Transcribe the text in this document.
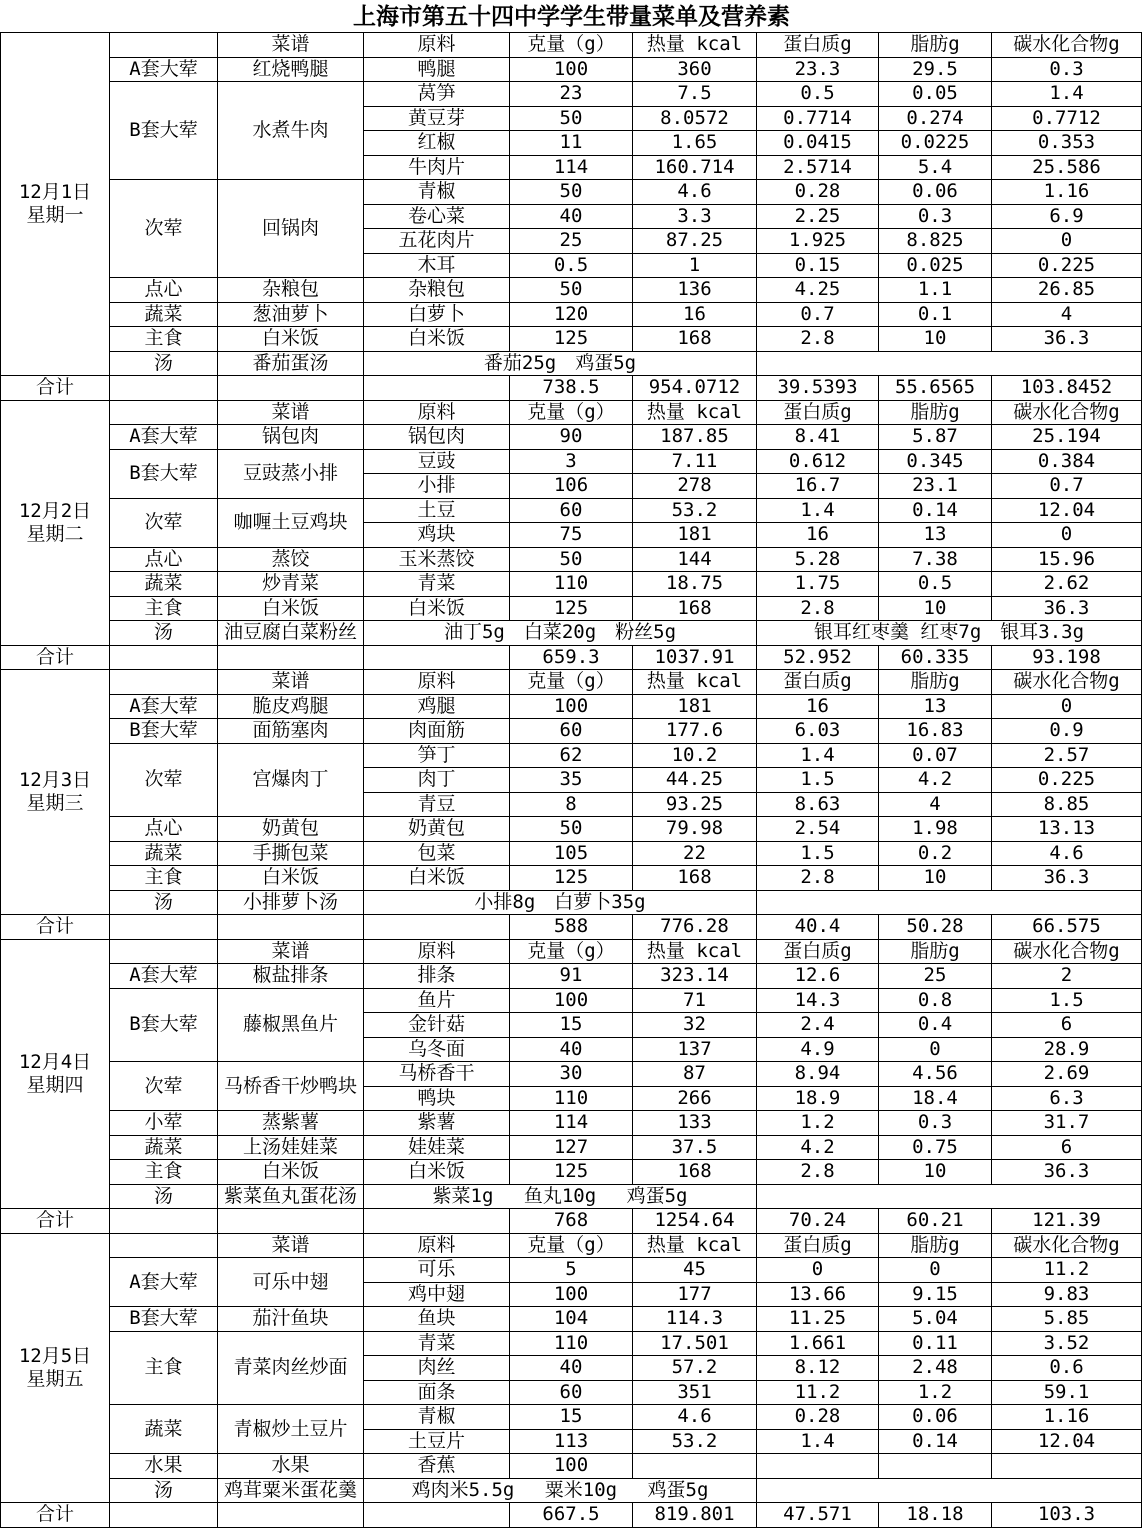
上海市第五十四中学学生带量菜单及营养素
12月1日
星期一		菜谱	原料	克量（g）	热量 kcal	蛋白质g	脂肪g	碳水化合物g
	A套大荤	红烧鸭腿	鸭腿	100	360	23.3	29.5	0.3
	B套大荤	水煮牛肉	莴笋	23	7.5	0.5	0.05	1.4
			黄豆芽	50	8.0572	0.7714	0.274	0.7712
			红椒	11	1.65	0.0415	0.0225	0.353
			牛肉片	114	160.714	2.5714	5.4	25.586
	次荤	回锅肉	青椒	50	4.6	0.28	0.06	1.16
			卷心菜	40	3.3	2.25	0.3	6.9
			五花肉片	25	87.25	1.925	8.825	0
			木耳	0.5	1	0.15	0.025	0.225
	点心	杂粮包	杂粮包	50	136	4.25	1.1	26.85
	蔬菜	葱油萝卜	白萝卜	120	16	0.7	0.1	4
	主食	白米饭	白米饭	125	168	2.8	10	36.3
	汤	番茄蛋汤	番茄25g　鸡蛋5g					
合计				738.5	954.0712	39.5393	55.6565	103.8452
12月2日
星期二		菜谱	原料	克量（g）	热量 kcal	蛋白质g	脂肪g	碳水化合物g
	A套大荤	锅包肉	锅包肉	90	187.85	8.41	5.87	25.194
	B套大荤	豆豉蒸小排	豆豉	3	7.11	0.612	0.345	0.384
			小排	106	278	16.7	23.1	0.7
	次荤	咖喱土豆鸡块	土豆	60	53.2	1.4	0.14	12.04
			鸡块	75	181	16	13	0
	点心	蒸饺	玉米蒸饺	50	144	5.28	7.38	15.96
	蔬菜	炒青菜	青菜	110	18.75	1.75	0.5	2.62
	主食	白米饭	白米饭	125	168	2.8	10	36.3
	汤	油豆腐白菜粉丝	油丁5g　白菜20g　粉丝5g			银耳红枣羹 红枣7g　银耳3.3g		
合计				659.3	1037.91	52.952	60.335	93.198
12月3日
星期三		菜谱	原料	克量（g）	热量 kcal	蛋白质g	脂肪g	碳水化合物g
	A套大荤	脆皮鸡腿	鸡腿	100	181	16	13	0
	B套大荤	面筋塞肉	肉面筋	60	177.6	6.03	16.83	0.9
	次荤	宫爆肉丁	笋丁	62	10.2	1.4	0.07	2.57
			肉丁	35	44.25	1.5	4.2	0.225
			青豆	8	93.25	8.63	4	8.85
	点心	奶黄包	奶黄包	50	79.98	2.54	1.98	13.13
	蔬菜	手撕包菜	包菜	105	22	1.5	0.2	4.6
	主食	白米饭	白米饭	125	168	2.8	10	36.3
	汤	小排萝卜汤	小排8g　白萝卜35g					
合计				588	776.28	40.4	50.28	66.575
12月4日
星期四		菜谱	原料	克量（g）	热量 kcal	蛋白质g	脂肪g	碳水化合物g
	A套大荤	椒盐排条	排条	91	323.14	12.6	25	2
	B套大荤	藤椒黑鱼片	鱼片	100	71	14.3	0.8	1.5
			金针菇	15	32	2.4	0.4	6
			乌冬面	40	137	4.9	0	28.9
	次荤	马桥香干炒鸭块	马桥香干	30	87	8.94	4.56	2.69
			鸭块	110	266	18.9	18.4	6.3
	小荤	蒸紫薯	紫薯	114	133	1.2	0.3	31.7
	蔬菜	上汤娃娃菜	娃娃菜	127	37.5	4.2	0.75	6
	主食	白米饭	白米饭	125	168	2.8	10	36.3
	汤	紫菜鱼丸蛋花汤	紫菜1g　 鱼丸10g　 鸡蛋5g					
合计				768	1254.64	70.24	60.21	121.39
12月5日
星期五		菜谱	原料	克量（g）	热量 kcal	蛋白质g	脂肪g	碳水化合物g
	A套大荤	可乐中翅	可乐	5	45	0	0	11.2
			鸡中翅	100	177	13.66	9.15	9.83
	B套大荤	茄汁鱼块	鱼块	104	114.3	11.25	5.04	5.85
	主食	青菜肉丝炒面	青菜	110	17.501	1.661	0.11	3.52
			肉丝	40	57.2	8.12	2.48	0.6
			面条	60	351	11.2	1.2	59.1
	蔬菜	青椒炒土豆片	青椒	15	4.6	0.28	0.06	1.16
			土豆片	113	53.2	1.4	0.14	12.04
	水果	水果	香蕉	100				
	汤	鸡茸粟米蛋花羹	鸡肉米5.5g　 粟米10g　 鸡蛋5g					
合计				667.5	819.801	47.571	18.18	103.3
